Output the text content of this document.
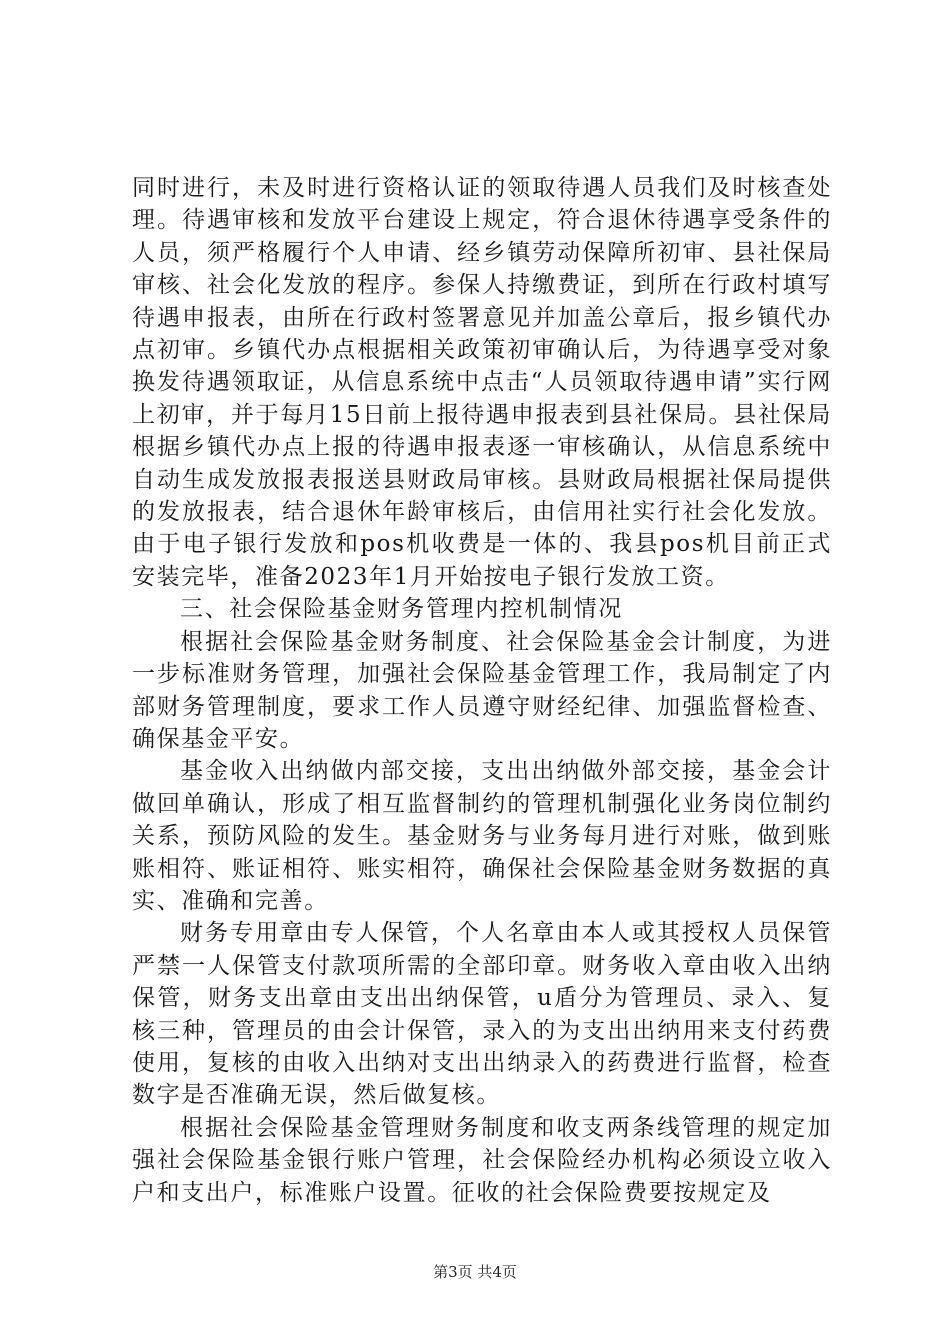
同时进行，未及时进行资格认证的领取待遇人员我们及时核查处理。待遇审核和发放平台建设上规定，符合退休待遇享受条件的人员，须严格履行个人申请、经乡镇劳动保障所初审、县社保局审核、社会化发放的程序。参保人持缴费证，到所在行政村填写待遇申报表，由所在行政村签署意见并加盖公章后，报乡镇代办点初审。乡镇代办点根据相关政策初审确认后，为待遇享受对象换发待遇领取证，从信息系统中点击“人员领取待遇申请”实行网上初审，并于每月15日前上报待遇申报表到县社保局。县社保局根据乡镇代办点上报的待遇申报表逐一审核确认，从信息系统中自动生成发放报表报送县财政局审核。县财政局根据社保局提供的发放报表，结合退休年龄审核后，由信用社实行社会化发放。由于电子银行发放和pos机收费是一体的、我县pos机目前正式安装完毕，准备2023年1月开始按电子银行发放工资。

三、社会保险基金财务管理内控机制情况

根据社会保险基金财务制度、社会保险基金会计制度，为进一步标准财务管理，加强社会保险基金管理工作，我局制定了内部财务管理制度，要求工作人员遵守财经纪律、加强监督检查、确保基金平安。

基金收入出纳做内部交接，支出出纳做外部交接，基金会计做回单确认，形成了相互监督制约的管理机制强化业务岗位制约关系，预防风险的发生。基金财务与业务每月进行对账，做到账账相符、账证相符、账实相符，确保社会保险基金财务数据的真实、准确和完善。

财务专用章由专人保管，个人名章由本人或其授权人员保管严禁一人保管支付款项所需的全部印章。财务收入章由收入出纳保管，财务支出章由支出出纳保管，u盾分为管理员、录入、复核三种，管理员的由会计保管，录入的为支出出纳用来支付药费使用，复核的由收入出纳对支出出纳录入的药费进行监督，检查数字是否准确无误，然后做复核。

根据社会保险基金管理财务制度和收支两条线管理的规定加强社会保险基金银行账户管理，社会保险经办机构必须设立收入户和支出户，标准账户设置。征收的社会保险费要按规定及

第3页 共4页
